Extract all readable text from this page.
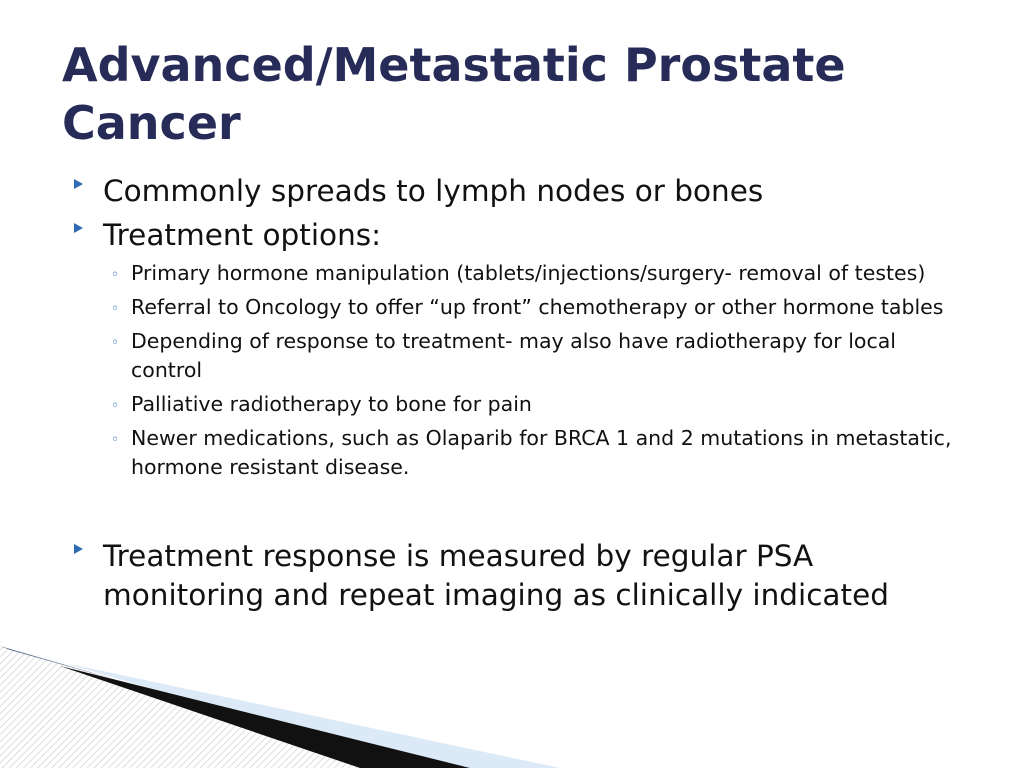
Advanced/Metastatic Prostate Cancer
Commonly spreads to lymph nodes or bones
Treatment options:
◦ Primary hormone manipulation (tablets/injections/surgery- removal of testes)
◦ Referral to Oncology to offer “up front” chemotherapy or other hormone tables
◦ Depending of response to treatment- may also have radiotherapy for local control
◦ Palliative radiotherapy to bone for pain
◦ Newer medications, such as Olaparib for BRCA 1 and 2 mutations in metastatic, hormone resistant disease.
Treatment response is measured by regular PSA monitoring and repeat imaging as clinically indicated
